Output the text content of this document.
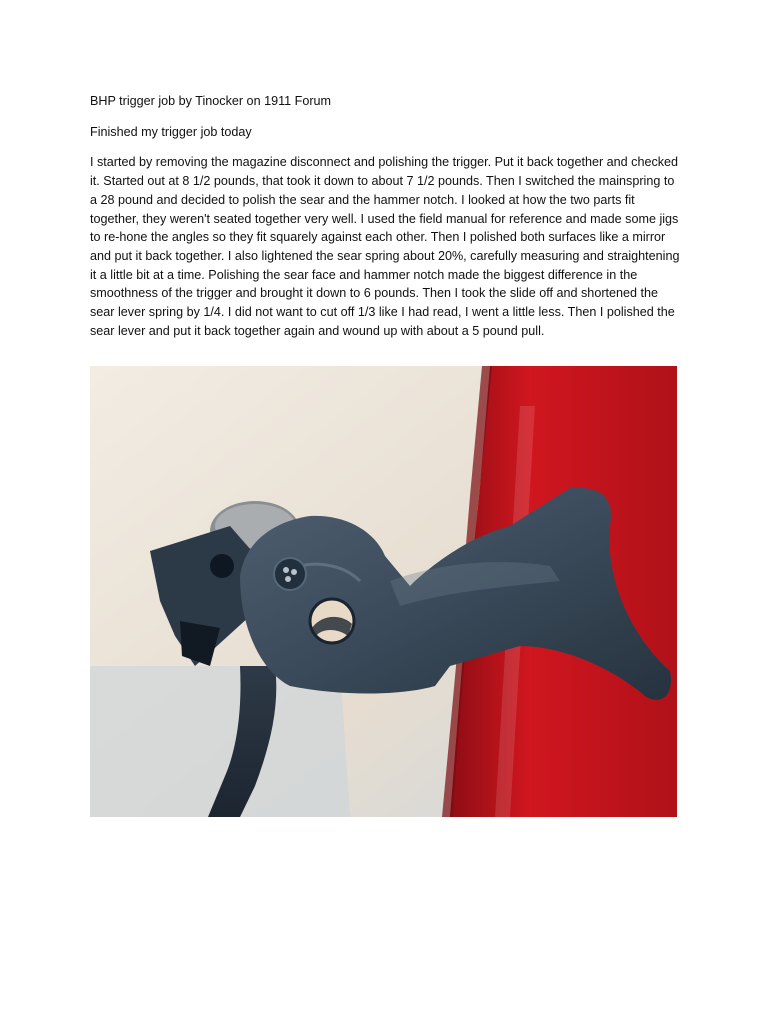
BHP trigger job by Tinocker on 1911 Forum

Finished my trigger job today

I started by removing the magazine disconnect and polishing the trigger. Put it back together and checked it. Started out at 8 1/2 pounds, that took it down to about 7 1/2 pounds. Then I switched the mainspring to a 28 pound and decided to polish the sear and the hammer notch. I looked at how the two parts fit together, they weren't seated together very well. I used the field manual for reference and made some jigs to re-hone the angles so they fit squarely against each other. Then I polished both surfaces like a mirror and put it back together. I also lightened the sear spring about 20%, carefully measuring and straightening it a little bit at a time. Polishing the sear face and hammer notch made the biggest difference in the smoothness of the trigger and brought it down to 6 pounds. Then I took the slide off and shortened the sear lever spring by 1/4. I did not want to cut off 1/3 like I had read, I went a little less. Then I polished the sear lever and put it back together again and wound up with about a 5 pound pull.
